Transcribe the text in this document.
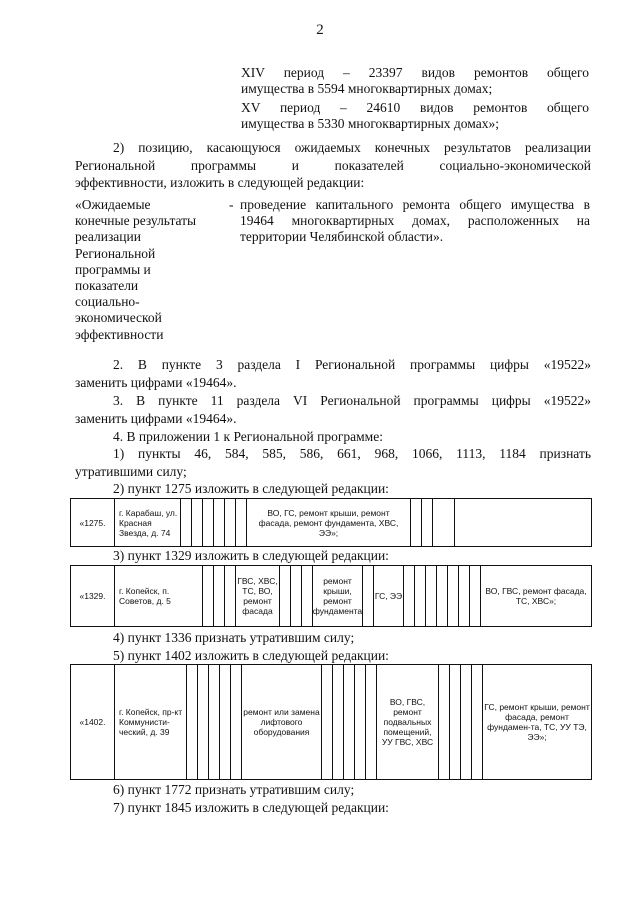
2
XIV период – 23397 видов ремонтов общего
имущества в 5594 многоквартирных домах;
XV период – 24610 видов ремонтов общего
имущества в 5330 многоквартирных домах»;
2) позицию, касающуюся ожидаемых конечных результатов реализации
Региональной программы и показателей социально-экономической
эффективности, изложить в следующей редакции:
«Ожидаемые
конечные результаты
реализации
Региональной
программы и
показатели
социально-
экономической
эффективности
- проведение капитального ремонта общего имущества в 19464 многоквартирных домах, расположенных на территории Челябинской области».
2. В пункте 3 раздела I Региональной программы цифры «19522»
заменить цифрами «19464».
3. В пункте 11 раздела VI Региональной программы цифры «19522»
заменить цифрами «19464».
4. В приложении 1 к Региональной программе:
1) пункты 46, 584, 585, 586, 661, 968, 1066, 1113, 1184 признать
утратившими силу;
2) пункт 1275 изложить в следующей редакции:
«1275.
г. Карабаш, ул. Красная Звезда, д. 74
ВО, ГС, ремонт крыши, ремонт фасада, ремонт фундамента, ХВС, ЭЭ»;
3) пункт 1329 изложить в следующей редакции:
«1329.	г. Копейск, п. Советов, д. 5
ГВС, ХВС, ТС, ВО, ремонт фасада
ремонт крыши, ремонт фундамента
ГС, ЭЭ	ВО, ГВС, ремонт фасада, ТС, ХВС»;
4) пункт 1336 признать утратившим силу;
5) пункт 1402 изложить в следующей редакции:
«1402.
г. Копейск, пр-кт Коммунисти-ческий, д. 39
ремонт или замена лифтового оборудования
ВО, ГВС, ремонт подвальных помещений, УУ ГВС, ХВС
ГС, ремонт крыши, ремонт фасада, ремонт фундамен-та, ТС, УУ ТЭ, ЭЭ»;
6) пункт 1772 признать утратившим силу;
7) пункт 1845 изложить в следующей редакции:
